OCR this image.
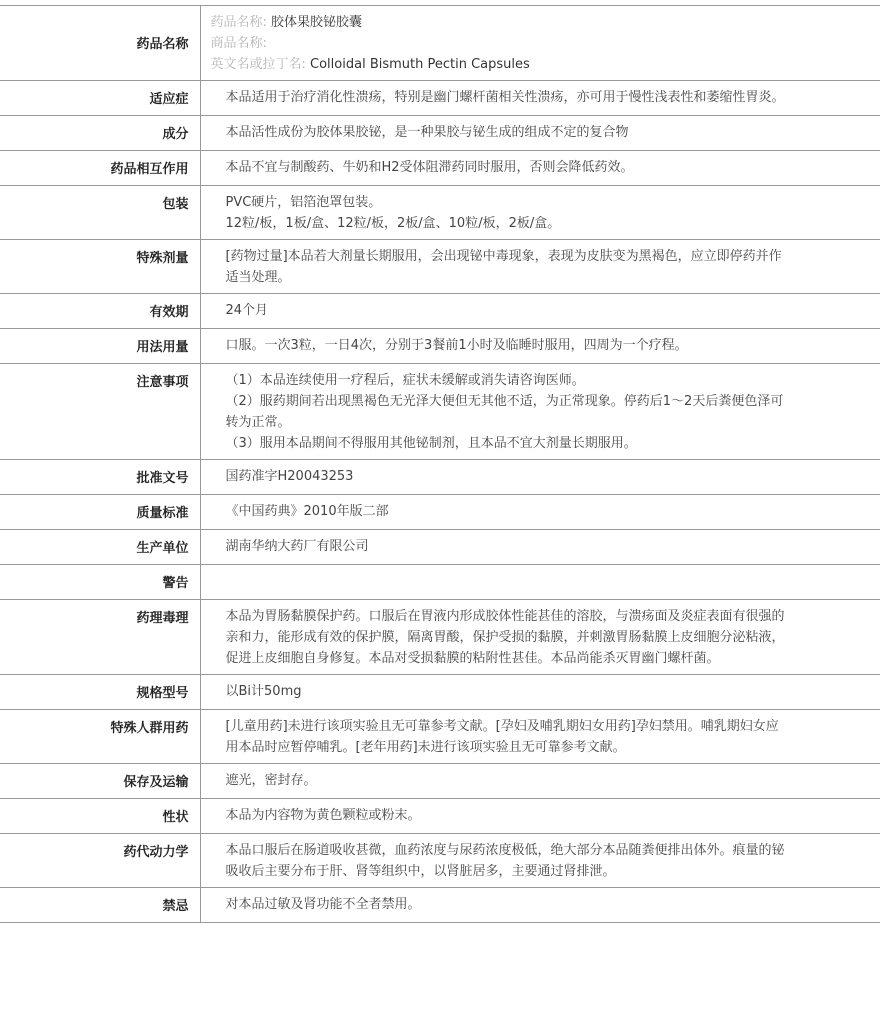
药品名称	药品名称: 胶体果胶铋胶囊

商品名称:

英文名或拉丁名: Colloidal Bismuth Pectin Capsules

适应症	本品适用于治疗消化性溃疡，特别是幽门螺杆菌相关性溃疡，亦可用于慢性浅表性和萎缩性胃炎。

成分	本品活性成份为胶体果胶铋，是一种果胶与铋生成的组成不定的复合物

药品相互作用	本品不宜与制酸药、牛奶和H2受体阻滞药同时服用，否则会降低药效。

包装	PVC硬片，铝箔泡罩包装。

12粒/板，1板/盒、12粒/板，2板/盒、10粒/板，2板/盒。

特殊剂量	[药物过量]本品若大剂量长期服用，会出现铋中毒现象，表现为皮肤变为黑褐色，应立即停药并作适当处理。

有效期	24个月

用法用量	口服。一次3粒，一日4次，分别于3餐前1小时及临睡时服用，四周为一个疗程。

注意事项	（1）本品连续使用一疗程后，症状未缓解或消失请咨询医师。

（2）服药期间若出现黑褐色无光泽大便但无其他不适，为正常现象。停药后1～2天后粪便色泽可转为正常。

（3）服用本品期间不得服用其他铋制剂，且本品不宜大剂量长期服用。

批准文号	国药准字H20043253

质量标准	《中国药典》2010年版二部

生产单位	湖南华纳大药厂有限公司

警告	
药理毒理	本品为胃肠黏膜保护药。口服后在胃液内形成胶体性能甚佳的溶胶，与溃疡面及炎症表面有很强的亲和力，能形成有效的保护膜，隔离胃酸，保护受损的黏膜，并刺激胃肠黏膜上皮细胞分泌粘液，促进上皮细胞自身修复。本品对受损黏膜的粘附性甚佳。本品尚能杀灭胃幽门螺杆菌。

规格型号	以Bi计50mg

特殊人群用药	[儿童用药]未进行该项实验且无可靠参考文献。[孕妇及哺乳期妇女用药]孕妇禁用。哺乳期妇女应用本品时应暂停哺乳。[老年用药]未进行该项实验且无可靠参考文献。

保存及运输	遮光，密封存。

性状	本品为内容物为黄色颗粒或粉末。

药代动力学	本品口服后在肠道吸收甚微，血药浓度与尿药浓度极低，绝大部分本品随粪便排出体外。痕量的铋吸收后主要分布于肝、肾等组织中，以肾脏居多，主要通过肾排泄。

禁忌	对本品过敏及肾功能不全者禁用。
